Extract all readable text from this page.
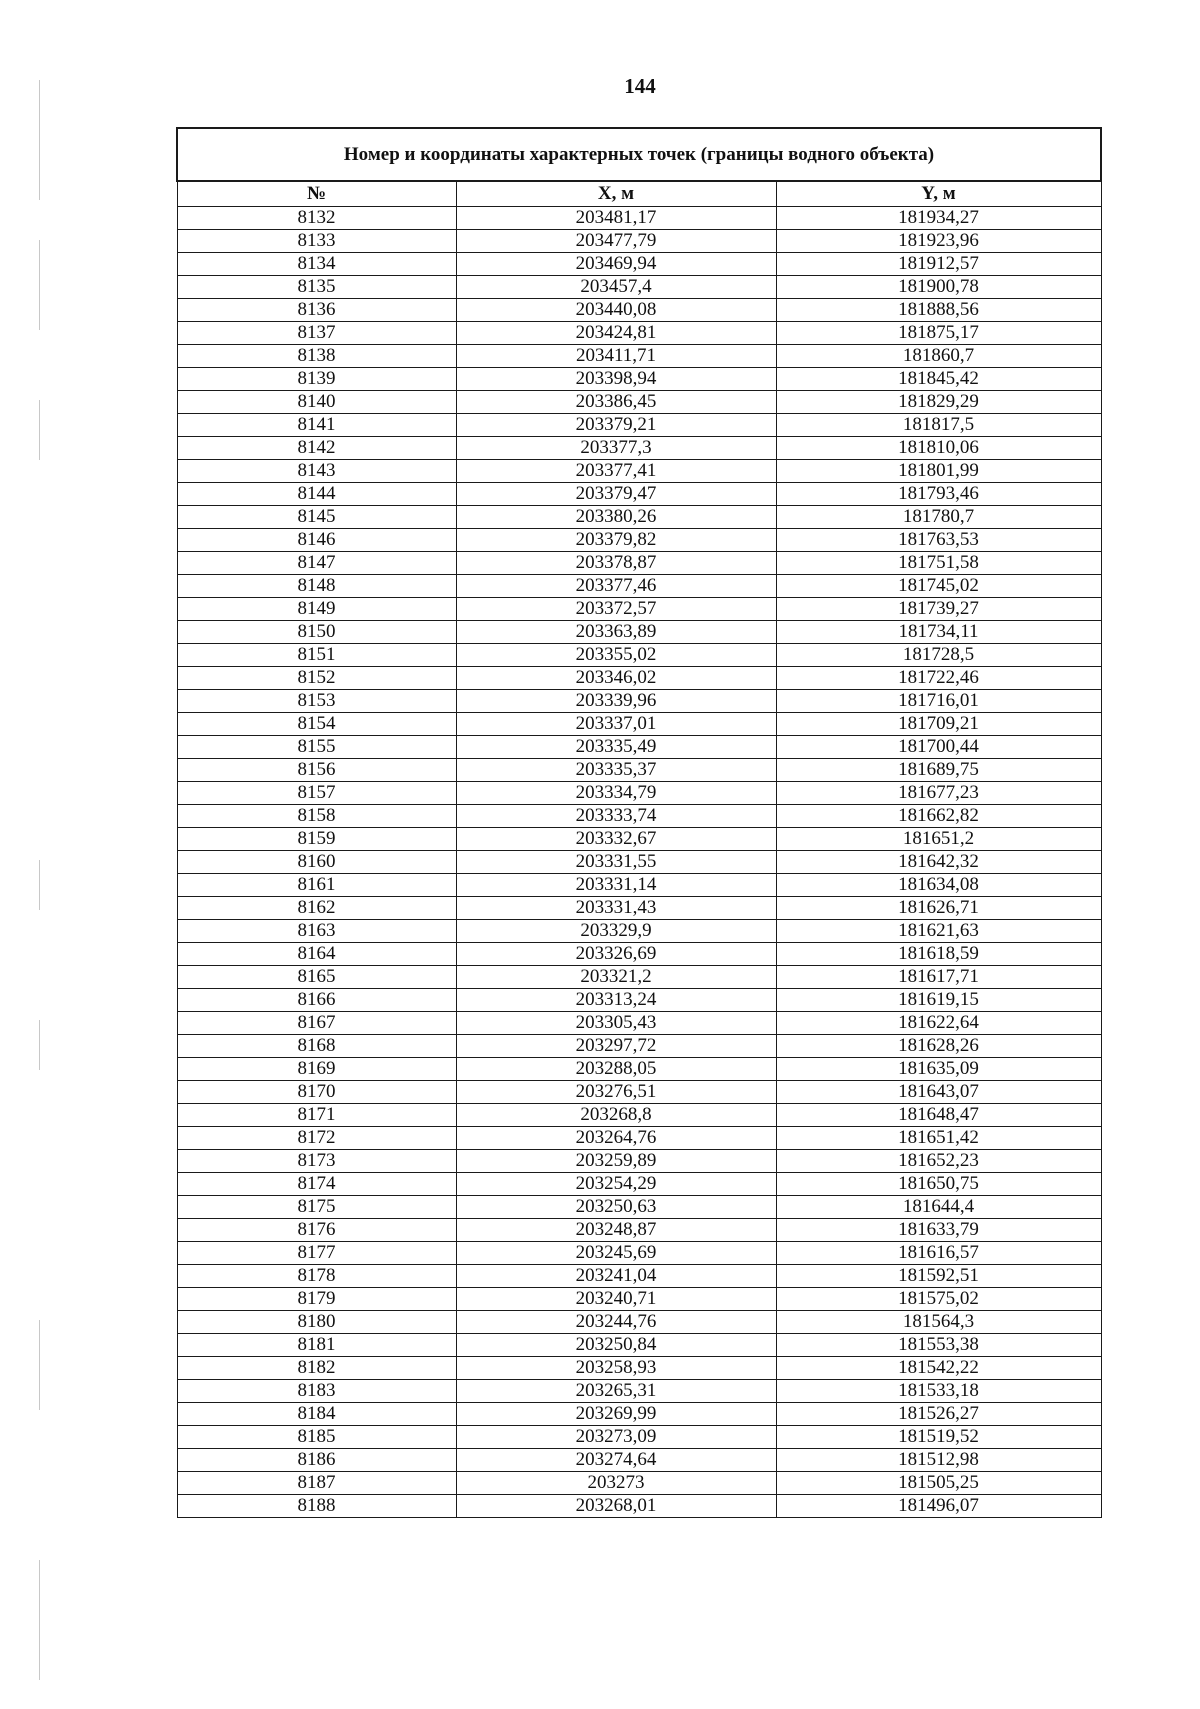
144
Номер и координаты характерных точек (границы водного объекта)		
№	X, м	Y, м
8132	203481,17	181934,27
8133	203477,79	181923,96
8134	203469,94	181912,57
8135	203457,4	181900,78
8136	203440,08	181888,56
8137	203424,81	181875,17
8138	203411,71	181860,7
8139	203398,94	181845,42
8140	203386,45	181829,29
8141	203379,21	181817,5
8142	203377,3	181810,06
8143	203377,41	181801,99
8144	203379,47	181793,46
8145	203380,26	181780,7
8146	203379,82	181763,53
8147	203378,87	181751,58
8148	203377,46	181745,02
8149	203372,57	181739,27
8150	203363,89	181734,11
8151	203355,02	181728,5
8152	203346,02	181722,46
8153	203339,96	181716,01
8154	203337,01	181709,21
8155	203335,49	181700,44
8156	203335,37	181689,75
8157	203334,79	181677,23
8158	203333,74	181662,82
8159	203332,67	181651,2
8160	203331,55	181642,32
8161	203331,14	181634,08
8162	203331,43	181626,71
8163	203329,9	181621,63
8164	203326,69	181618,59
8165	203321,2	181617,71
8166	203313,24	181619,15
8167	203305,43	181622,64
8168	203297,72	181628,26
8169	203288,05	181635,09
8170	203276,51	181643,07
8171	203268,8	181648,47
8172	203264,76	181651,42
8173	203259,89	181652,23
8174	203254,29	181650,75
8175	203250,63	181644,4
8176	203248,87	181633,79
8177	203245,69	181616,57
8178	203241,04	181592,51
8179	203240,71	181575,02
8180	203244,76	181564,3
8181	203250,84	181553,38
8182	203258,93	181542,22
8183	203265,31	181533,18
8184	203269,99	181526,27
8185	203273,09	181519,52
8186	203274,64	181512,98
8187	203273	181505,25
8188	203268,01	181496,07
